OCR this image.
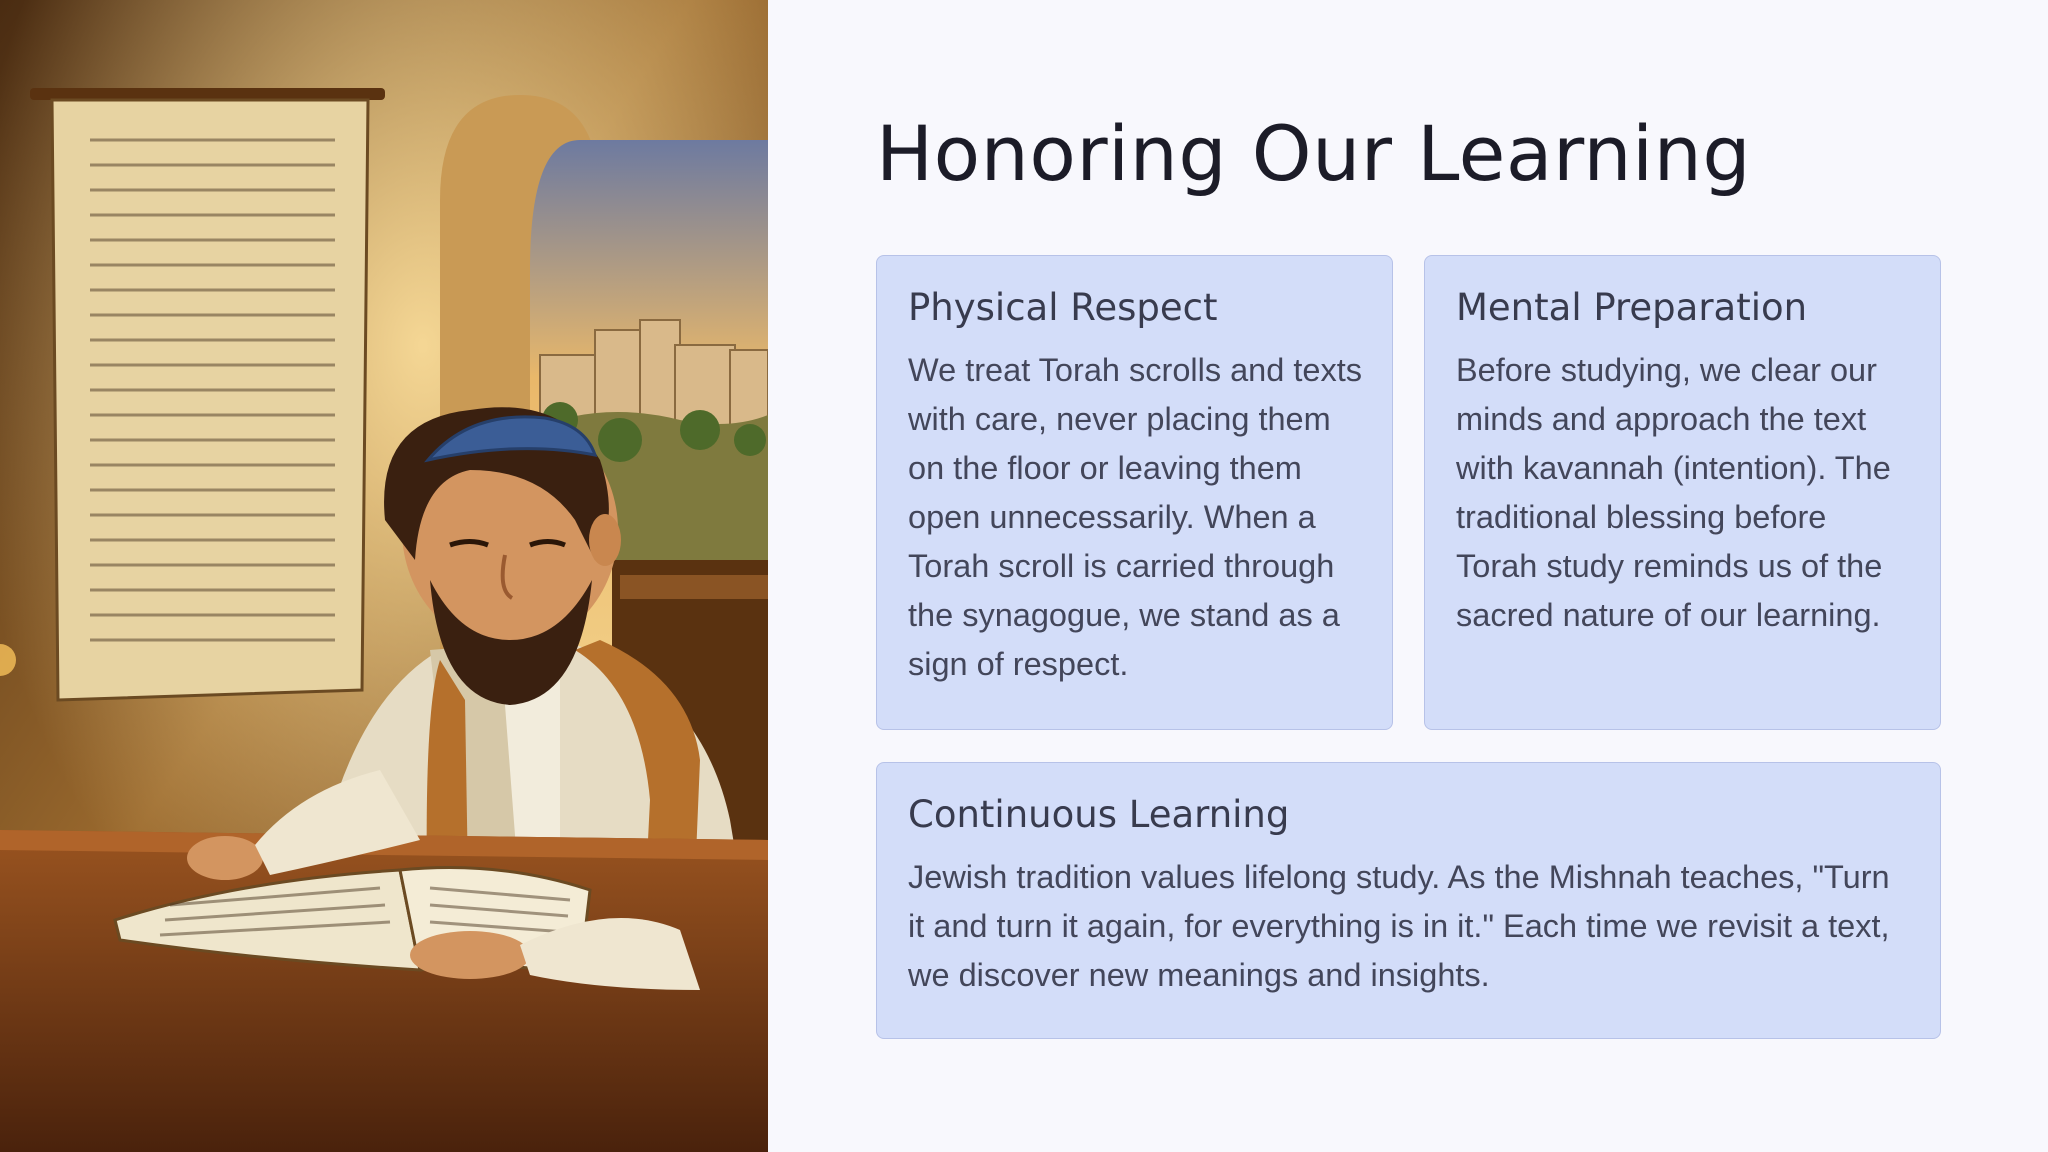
Honoring Our Learning
Physical Respect

We treat Torah scrolls and texts with care, never placing them on the floor or leaving them open unnecessarily. When a Torah scroll is carried through the synagogue, we stand as a sign of respect.

Mental Preparation

Before studying, we clear our minds and approach the text with kavannah (intention). The traditional blessing before Torah study reminds us of the sacred nature of our learning.

Continuous Learning

Jewish tradition values lifelong study. As the Mishnah teaches, "Turn it and turn it again, for everything is in it." Each time we revisit a text, we discover new meanings and insights.
